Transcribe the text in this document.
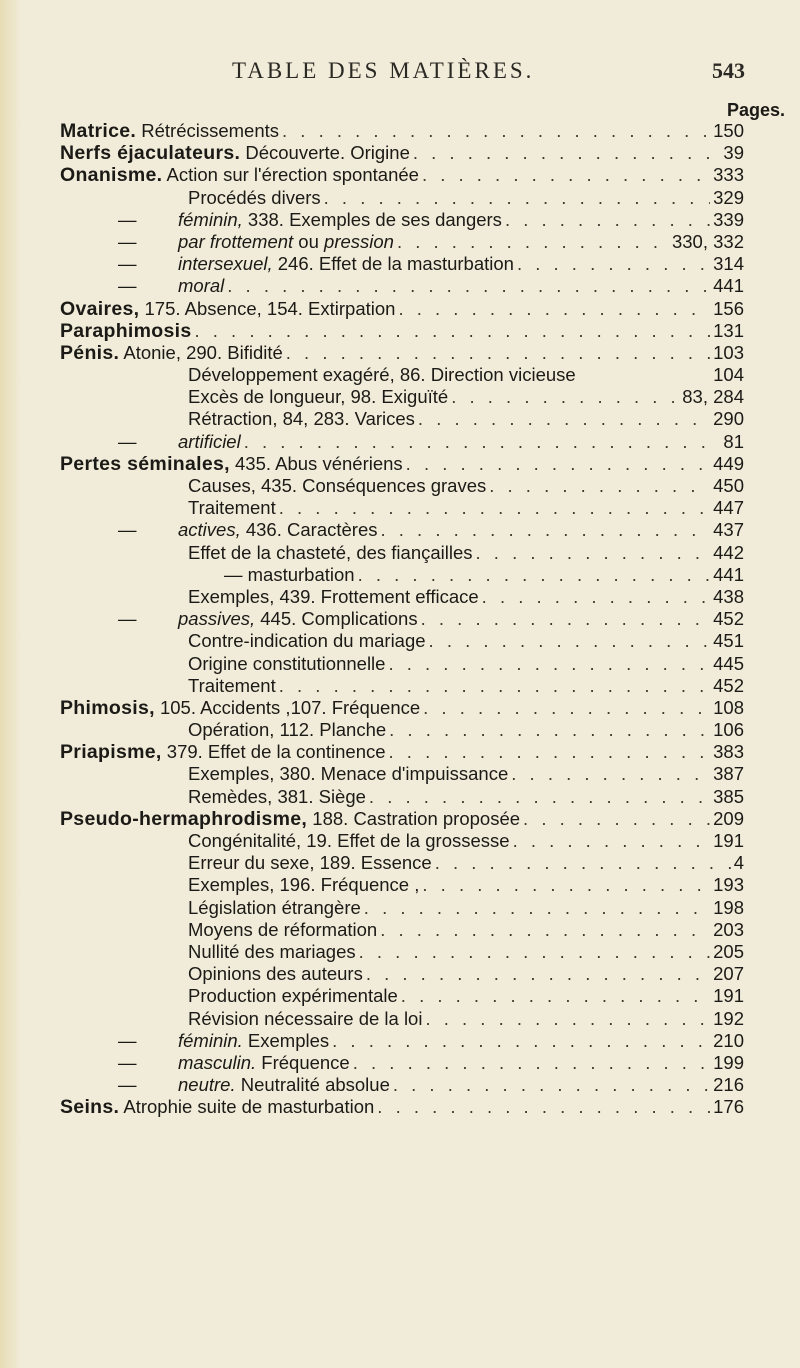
TABLE DES MATIÈRES.	543
Pages.
Matrice. Rétrécissements . . .	150
Nerfs éjaculateurs. Découverte. Origine . . .	39
Onanisme. Action sur l'érection spontanée . . .	333
Procédés divers . . .	329
— féminin, 338. Exemples de ses dangers . . .	339
— par frottement ou pression . . .	330, 332
— intersexuel, 246. Effet de la masturbation . . .	314
— moral . . .	441
Ovaires, 175. Absence, 154. Extirpation . . .	156
Paraphimosis . . .	131
Pénis. Atonie, 290. Bifidité . . .	103
Développement exagéré, 86. Direction vicieuse	104
Excès de longueur, 98. Exiguïté . . .	83, 284
Rétraction, 84, 283. Varices . . .	290
— artificiel . . .	81
Pertes séminales, 435. Abus vénériens . . .	449
Causes, 435. Conséquences graves . . .	450
Traitement . . .	447
— actives, 436. Caractères . . .	437
Effet de la chasteté, des fiançailles . . .	442
— masturbation . . .	441
Exemples, 439. Frottement efficace . . .	438
— passives, 445. Complications . . .	452
Contre-indication du mariage . . .	451
Origine constitutionnelle . . .	445
Traitement . . .	452
Phimosis, 105. Accidents ,107. Fréquence . . .	108
Opération, 112. Planche . . .	106
Priapisme, 379. Effet de la continence . . .	383
Exemples, 380. Menace d'impuissance . . .	387
Remèdes, 381. Siège . . .	385
Pseudo-hermaphrodisme, 188. Castration proposée . . .	209
Congénitalité, 19. Effet de la grossesse . . .	191
Erreur du sexe, 189. Essence . . .	4
Exemples, 196. Fréquence , . . .	193
Législation étrangère . . .	198
Moyens de réformation . . .	203
Nullité des mariages . . .	205
Opinions des auteurs . . .	207
Production expérimentale . . .	191
Révision nécessaire de la loi . . .	192
— féminin. Exemples . . .	210
— masculin. Fréquence . . .	199
— neutre. Neutralité absolue . . .	216
Seins. Atrophie suite de masturbation . . .	176
